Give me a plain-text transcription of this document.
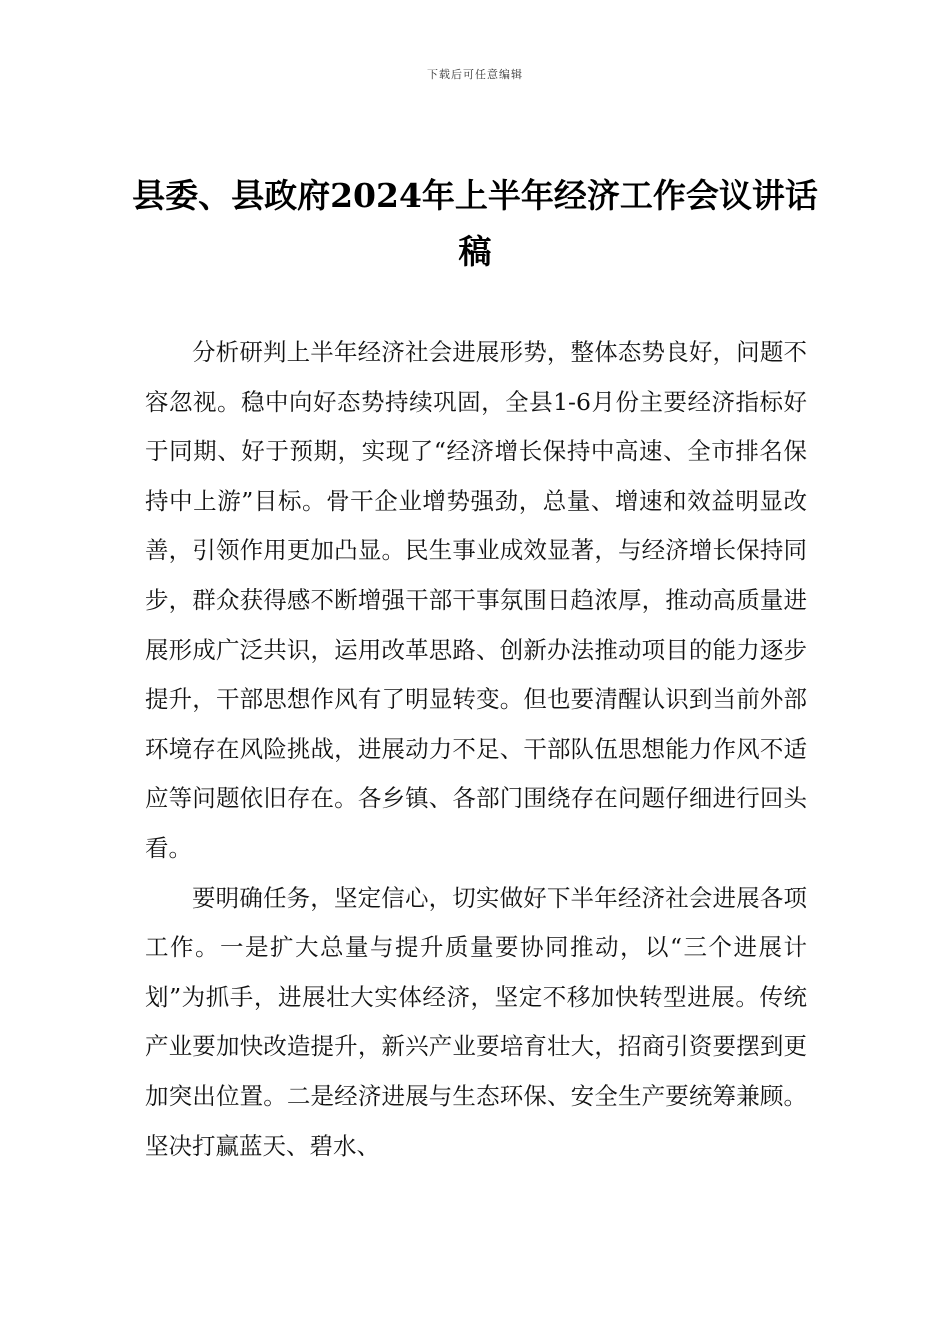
下载后可任意编辑
县委、县政府2024年上半年经济工作会议讲话稿

分析研判上半年经济社会进展形势，整体态势良好，问题不容忽视。稳中向好态势持续巩固，全县1-6月份主要经济指标好于同期、好于预期，实现了“经济增长保持中高速、全市排名保持中上游”目标。骨干企业增势强劲，总量、增速和效益明显改善，引领作用更加凸显。民生事业成效显著，与经济增长保持同步，群众获得感不断增强干部干事氛围日趋浓厚，推动高质量进展形成广泛共识，运用改革思路、创新办法推动项目的能力逐步提升，干部思想作风有了明显转变。但也要清醒认识到当前外部环境存在风险挑战，进展动力不足、干部队伍思想能力作风不适应等问题依旧存在。各乡镇、各部门围绕存在问题仔细进行回头看。

要明确任务，坚定信心，切实做好下半年经济社会进展各项工作。一是扩大总量与提升质量要协同推动，以“三个进展计划”为抓手，进展壮大实体经济，坚定不移加快转型进展。传统产业要加快改造提升，新兴产业要培育壮大，招商引资要摆到更加突出位置。二是经济进展与生态环保、安全生产要统筹兼顾。坚决打赢蓝天、碧水、
